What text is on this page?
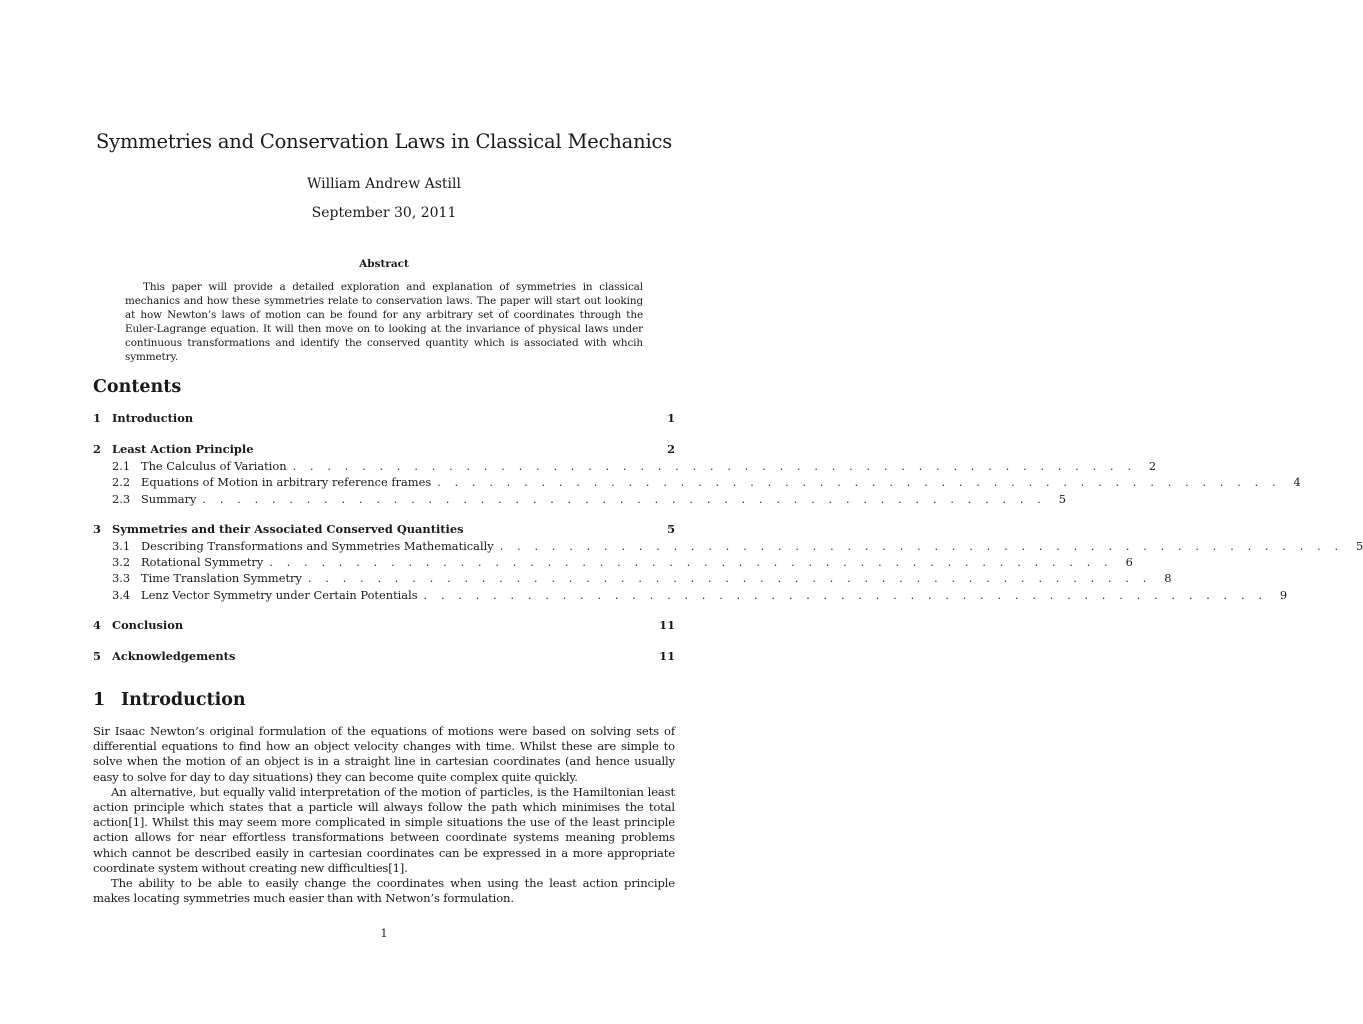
Symmetries and Conservation Laws in Classical Mechanics
William Andrew Astill
September 30, 2011
Abstract

This paper will provide a detailed exploration and explanation of symmetries in classical mechanics and how these symmetries relate to conservation laws. The paper will start out looking at how Newton’s laws of motion can be found for any arbitrary set of coordinates through the Euler-Lagrange equation. It will then move on to looking at the invariance of physical laws under continuous transformations and identify the conserved quantity which is associated with whcih symmetry.

Contents
1 Introduction	1
2 Least Action Principle	2
2.1 The Calculus of Variation . . . . . . . . . . . . . . . . . . . . . . . . . . . . . . . . . . . . . . . . . . . . . . . . .	2
2.2 Equations of Motion in arbitrary reference frames . . . . . . . . . . . . . . . . . . . . . . . . . . . . . . . . . . . . . . . . . . . . . . . . .	4
2.3 Summary . . . . . . . . . . . . . . . . . . . . . . . . . . . . . . . . . . . . . . . . . . . . . . . . .	5
3 Symmetries and their Associated Conserved Quantities	5
3.1 Describing Transformations and Symmetries Mathematically . . . . . . . . . . . . . . . . . . . . . . . . . . . . . . . . . . . . . . . . . . . . . . . . .	5
3.2 Rotational Symmetry . . . . . . . . . . . . . . . . . . . . . . . . . . . . . . . . . . . . . . . . . . . . . . . . .	6
3.3 Time Translation Symmetry . . . . . . . . . . . . . . . . . . . . . . . . . . . . . . . . . . . . . . . . . . . . . . . . .	8
3.4 Lenz Vector Symmetry under Certain Potentials . . . . . . . . . . . . . . . . . . . . . . . . . . . . . . . . . . . . . . . . . . . . . . . . .	9
4 Conclusion	11
5 Acknowledgements	11
1 Introduction

Sir Isaac Newton’s original formulation of the equations of motions were based on solving sets of differential equations to find how an object velocity changes with time. Whilst these are simple to solve when the motion of an object is in a straight line in cartesian coordinates (and hence usually easy to solve for day to day situations) they can become quite complex quite quickly.

An alternative, but equally valid interpretation of the motion of particles, is the Hamiltonian least action principle which states that a particle will always follow the path which minimises the total action[1]. Whilst this may seem more complicated in simple situations the use of the least principle action allows for near effortless transformations between coordinate systems meaning problems which cannot be described easily in cartesian coordinates can be expressed in a more appropriate coordinate system without creating new difficulties[1].

The ability to be able to easily change the coordinates when using the least action principle makes locating symmetries much easier than with Netwon’s formulation.

1
